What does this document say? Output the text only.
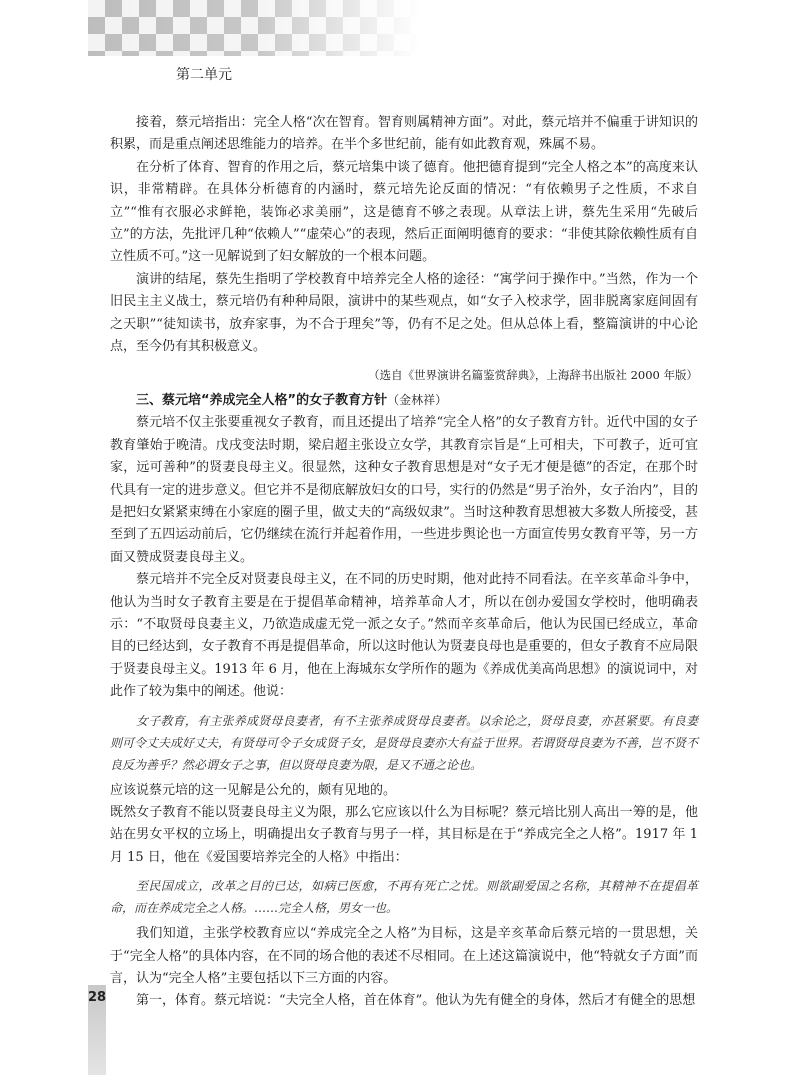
第二单元
〰

接着，蔡元培指出：完全人格“次在智育。智育则属精神方面”。对此，蔡元培并不偏重于讲知识的积累，而是重点阐述思维能力的培养。在半个多世纪前，能有如此教育观，殊属不易。

在分析了体育、智育的作用之后，蔡元培集中谈了德育。他把德育提到“完全人格之本”的高度来认识，非常精辟。在具体分析德育的内涵时，蔡元培先论反面的情况：“有依赖男子之性质，不求自立”“惟有衣服必求鲜艳，装饰必求美丽”，这是德育不够之表现。从章法上讲，蔡先生采用“先破后立”的方法，先批评几种“依赖人”“虚荣心”的表现，然后正面阐明德育的要求：“非使其除依赖性质有自立性质不可。”这一见解说到了妇女解放的一个根本问题。

演讲的结尾，蔡先生指明了学校教育中培养完全人格的途径：“寓学问于操作中。”当然，作为一个旧民主主义战士，蔡元培仍有种种局限，演讲中的某些观点，如“女子入校求学，固非脱离家庭间固有之天职”“徒知读书，放弃家事，为不合于理矣”等，仍有不足之处。但从总体上看，整篇演讲的中心论点，至今仍有其积极意义。

（选自《世界演讲名篇鉴赏辞典》，上海辞书出版社 2000 年版）

三、蔡元培“养成完全人格”的女子教育方针（金林祥）

蔡元培不仅主张要重视女子教育，而且还提出了培养“完全人格”的女子教育方针。近代中国的女子教育肇始于晚清。戊戌变法时期，梁启超主张设立女学，其教育宗旨是“上可相夫，下可教子，近可宜家，远可善种”的贤妻良母主义。很显然，这种女子教育思想是对“女子无才便是德”的否定，在那个时代具有一定的进步意义。但它并不是彻底解放妇女的口号，实行的仍然是“男子治外，女子治内”，目的是把妇女紧紧束缚在小家庭的圈子里，做丈夫的“高级奴隶”。当时这种教育思想被大多数人所接受，甚至到了五四运动前后，它仍继续在流行并起着作用，一些进步舆论也一方面宣传男女教育平等，另一方面又赞成贤妻良母主义。

蔡元培并不完全反对贤妻良母主义，在不同的历史时期，他对此持不同看法。在辛亥革命斗争中，他认为当时女子教育主要是在于提倡革命精神，培养革命人才，所以在创办爱国女学校时，他明确表示：“不取贤母良妻主义，乃欲造成虚无党一派之女子。”然而辛亥革命后，他认为民国已经成立，革命目的已经达到，女子教育不再是提倡革命，所以这时他认为贤妻良母也是重要的，但女子教育不应局限于贤妻良母主义。1913 年 6 月，他在上海城东女学所作的题为《养成优美高尚思想》的演说词中，对此作了较为集中的阐述。他说：

女子教育，有主张养成贤母良妻者，有不主张养成贤母良妻者。以余论之，贤母良妻，亦甚紧要。有良妻则可令丈夫成好丈夫，有贤母可令子女成贤子女，是贤母良妻亦大有益于世界。若谓贤母良妻为不善，岂不贤不良反为善乎？然必谓女子之事，但以贤母良妻为限，是又不通之论也。

应该说蔡元培的这一见解是公允的，颇有见地的。

既然女子教育不能以贤妻良母主义为限，那么它应该以什么为目标呢？蔡元培比别人高出一筹的是，他站在男女平权的立场上，明确提出女子教育与男子一样，其目标是在于“养成完全之人格”。1917 年 1 月 15 日，他在《爱国要培养完全的人格》中指出：

至民国成立，改革之目的已达，如病已医愈，不再有死亡之忧。则欲副爱国之名称，其精神不在提倡革命，而在养成完全之人格。……完全人格，男女一也。

我们知道，主张学校教育应以“养成完全之人格”为目标，这是辛亥革命后蔡元培的一贯思想，关于“完全人格”的具体内容，在不同的场合他的表述不尽相同。在上述这篇演说中，他“特就女子方面”而言，认为“完全人格”主要包括以下三方面的内容。

第一，体育。蔡元培说：“夫完全人格，首在体育”。他认为先有健全的身体，然后才有健全的思想

28
